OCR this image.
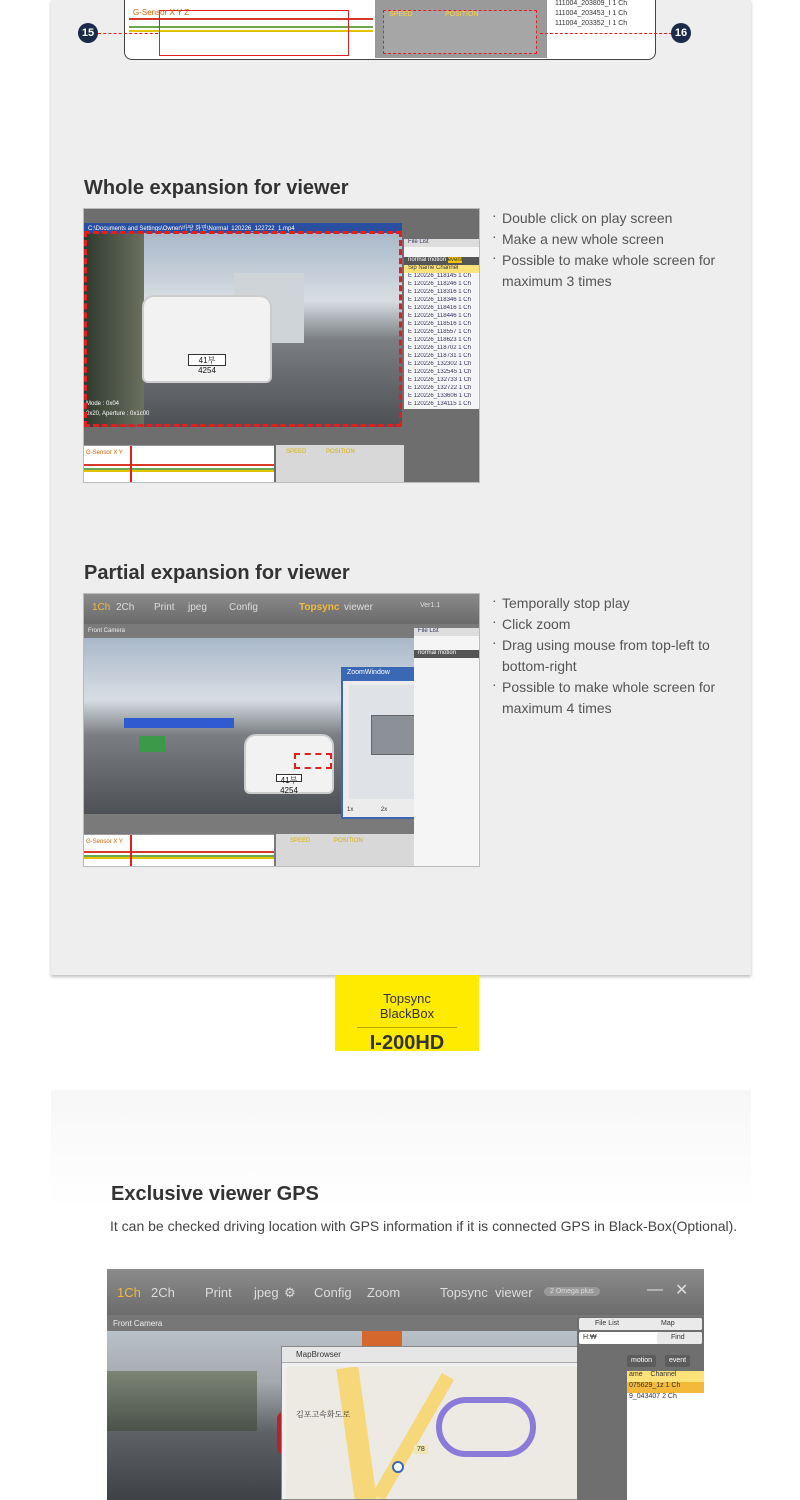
G-Sensor X Y Z	SPEED	POSITION
111004_203809_I 1 Ch
111004_203453_I 1 Ch
111004_203352_I 1 Ch
15	16
Whole expansion for viewer
· Double click on play screen
· Make a new whole screen
· Possible to make whole screen for maximum 3 times
C:\Documents and Settings\Owner\바탕 화면\Normal_120226_122722_1.mp4
41부 4254
Mode : 0x04
0x20, Aperture : 0x1c00
File List
normal motion event
Sip Name Channel
E 120226_118145 1 Ch
E 120226_118246 1 Ch
E 120226_118316 1 Ch
E 120226_118346 1 Ch
E 120226_118416 1 Ch
E 120226_118446 1 Ch
E 120226_118516 1 Ch
E 120226_118557 1 Ch
E 120226_118623 1 Ch
E 120226_118702 1 Ch
E 120226_118731 1 Ch
E 120226_132302 1 Ch
E 120226_132545 1 Ch
E 120226_132733 1 Ch
E 120226_132722 1 Ch
E 120226_133606 1 Ch
E 120226_134115 1 Ch
G-Sensor X Y	SPEED	POSITION
Partial expansion for viewer
· Temporally stop play
· Click zoom
· Drag using mouse from top-left to bottom-right
· Possible to make whole screen for maximum 4 times
1Ch 2Ch Print jpeg Config	Topsync viewer	Ver1.1
Front Camera
41부 4254
ZoomWindow
1x	2x
File List
normal motion
G-Sensor X Y	SPEED	POSITION
Topsync BlackBox
I-200HD
Exclusive viewer GPS
It can be checked driving location with GPS information if it is connected GPS in Black-Box(Optional).
1Ch 2Ch Print jpeg ⚙ Config Zoom	Topsync viewer	2 Omega plus	— ✕
Front Camera
MapBrowser
김포고속화도로
78
File List	Map
H:₩	Find
motion	event
ame Channel
075629_1z 1 Ch
9_043407 2 Ch
